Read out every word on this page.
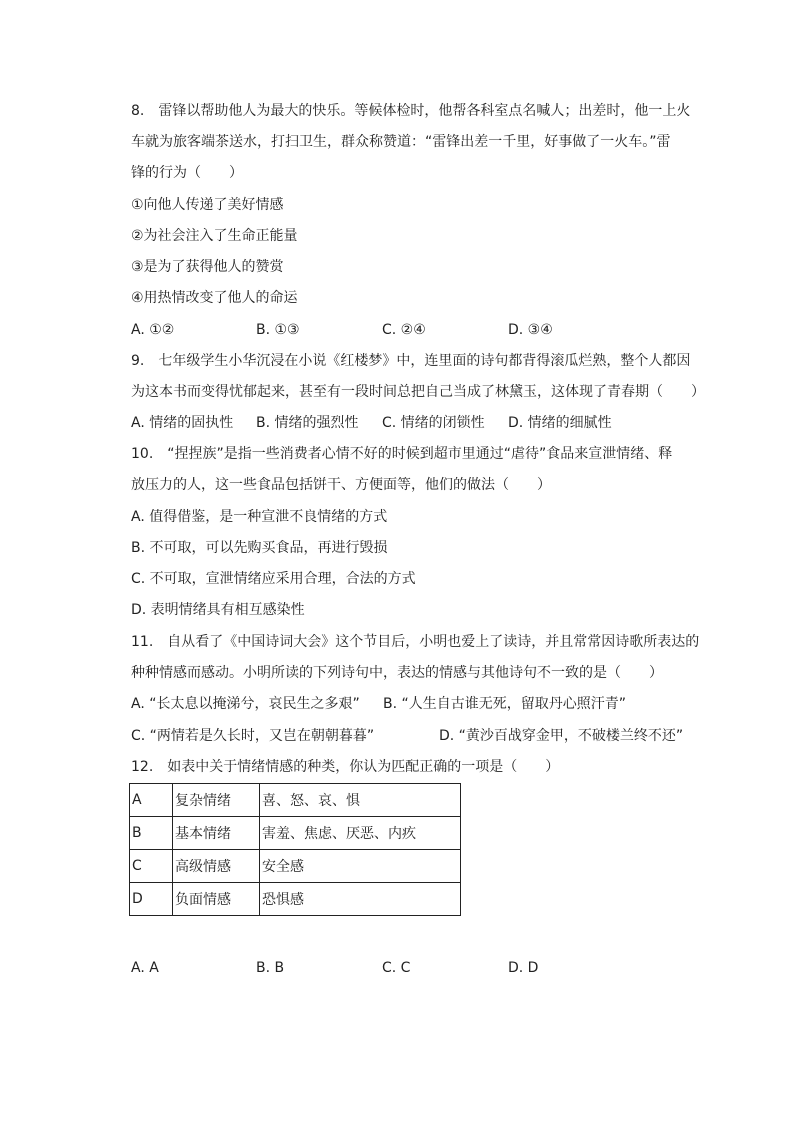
8.　雷锋以帮助他人为最大的快乐。等候体检时，他帮各科室点名喊人；出差时，他一上火
车就为旅客端茶送水，打扫卫生，群众称赞道：“雷锋出差一千里，好事做了一火车。”雷
锋的行为（　　）
①向他人传递了美好情感
②为社会注入了生命正能量
③是为了获得他人的赞赏
④用热情改变了他人的命运
A. ①②	B. ①③	C. ②④	D. ③④
9.　七年级学生小华沉浸在小说《红楼梦》中，连里面的诗句都背得滚瓜烂熟，整个人都因
为这本书而变得忧郁起来，甚至有一段时间总把自己当成了林黛玉，这体现了青春期（　　）
A. 情绪的固执性 B. 情绪的强烈性 C. 情绪的闭锁性 D. 情绪的细腻性
10.　“捏捏族”是指一些消费者心情不好的时候到超市里通过“虐待”食品来宣泄情绪、释
放压力的人，这一些食品包括饼干、方便面等，他们的做法（　　）
A. 值得借鉴，是一种宣泄不良情绪的方式
B. 不可取，可以先购买食品，再进行毁损
C. 不可取，宣泄情绪应采用合理，合法的方式
D. 表明情绪具有相互感染性
11.　自从看了《中国诗词大会》这个节目后，小明也爱上了读诗，并且常常因诗歌所表达的
种种情感而感动。小明所读的下列诗句中，表达的情感与其他诗句不一致的是（　　）
A. “长太息以掩涕兮，哀民生之多艰” B. “人生自古谁无死，留取丹心照汗青”
C. “两情若是久长时，又岂在朝朝暮暮”	D. “黄沙百战穿金甲，不破楼兰终不还”
12.　如表中关于情绪情感的种类，你认为匹配正确的一项是（　　）
A	复杂情绪	喜、怒、哀、惧
B	基本情绪	害羞、焦虑、厌恶、内疚
C	高级情感	安全感
D	负面情感	恐惧感
A. A	B. B	C. C	D. D
